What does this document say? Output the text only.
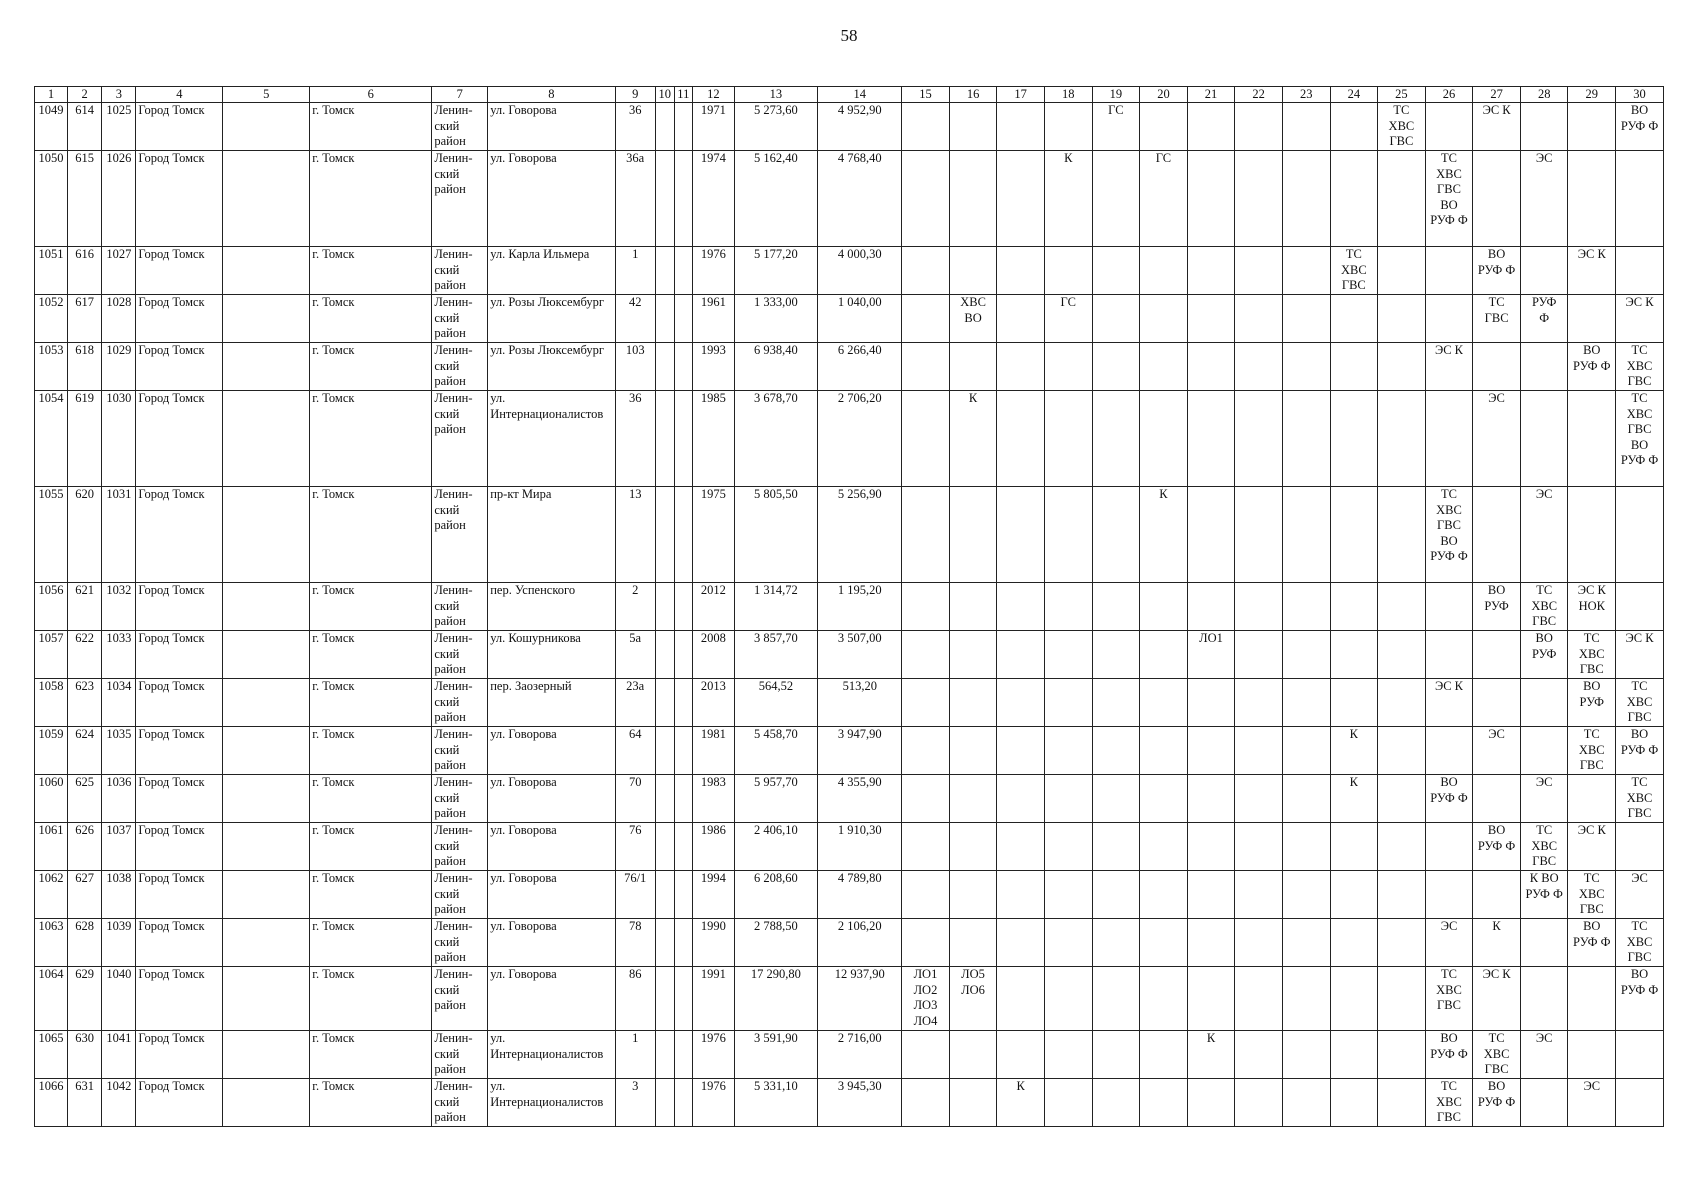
58
1	2	3	4	5	6	7	8	9	10	11	12	13	14	15	16	17	18	19	20	21	22	23	24	25	26	27	28	29	30
1049	614	1025	Город Томск		г. Томск	Ленин-
ский
район	ул. Говорова	36			1971	5 273,60	4 952,90					ГС						ТС
ХВС
ГВС		ЭС К			ВО
РУФ Ф
1050	615	1026	Город Томск		г. Томск	Ленин-
ский
район	ул. Говорова	36а			1974	5 162,40	4 768,40				К		ГС						ТС
ХВС
ГВС
ВО
РУФ Ф		ЭС		
1051	616	1027	Город Томск		г. Томск	Ленин-
ский
район	ул. Карла Ильмера	1			1976	5 177,20	4 000,30										ТС
ХВС
ГВС			ВО
РУФ Ф		ЭС К	
1052	617	1028	Город Томск		г. Томск	Ленин-
ский
район	ул. Розы Люксембург	42			1961	1 333,00	1 040,00		ХВС
ВО		ГС									ТС
ГВС	РУФ
Ф		ЭС К
1053	618	1029	Город Томск		г. Томск	Ленин-
ский
район	ул. Розы Люксембург	103			1993	6 938,40	6 266,40												ЭС К			ВО
РУФ Ф	ТС
ХВС
ГВС
1054	619	1030	Город Томск		г. Томск	Ленин-
ский
район	ул.
Интернационалистов	36			1985	3 678,70	2 706,20		К											ЭС			ТС
ХВС
ГВС
ВО
РУФ Ф
1055	620	1031	Город Томск		г. Томск	Ленин-
ский
район	пр-кт Мира	13			1975	5 805,50	5 256,90						К						ТС
ХВС
ГВС
ВО
РУФ Ф		ЭС		
1056	621	1032	Город Томск		г. Томск	Ленин-
ский
район	пер. Успенского	2			2012	1 314,72	1 195,20													ВО
РУФ	ТС
ХВС
ГВС	ЭС К
НОК	
1057	622	1033	Город Томск		г. Томск	Ленин-
ский
район	ул. Кошурникова	5а			2008	3 857,70	3 507,00							ЛО1							ВО
РУФ	ТС
ХВС
ГВС	ЭС К
1058	623	1034	Город Томск		г. Томск	Ленин-
ский
район	пер. Заозерный	23а			2013	564,52	513,20												ЭС К			ВО
РУФ	ТС
ХВС
ГВС
1059	624	1035	Город Томск		г. Томск	Ленин-
ский
район	ул. Говорова	64			1981	5 458,70	3 947,90										К			ЭС		ТС
ХВС
ГВС	ВО
РУФ Ф
1060	625	1036	Город Томск		г. Томск	Ленин-
ский
район	ул. Говорова	70			1983	5 957,70	4 355,90										К		ВО
РУФ Ф		ЭС		ТС
ХВС
ГВС
1061	626	1037	Город Томск		г. Томск	Ленин-
ский
район	ул. Говорова	76			1986	2 406,10	1 910,30													ВО
РУФ Ф	ТС
ХВС
ГВС	ЭС К	
1062	627	1038	Город Томск		г. Томск	Ленин-
ский
район	ул. Говорова	76/1			1994	6 208,60	4 789,80														К ВО
РУФ Ф	ТС
ХВС
ГВС	ЭС
1063	628	1039	Город Томск		г. Томск	Ленин-
ский
район	ул. Говорова	78			1990	2 788,50	2 106,20												ЭС	К		ВО
РУФ Ф	ТС
ХВС
ГВС
1064	629	1040	Город Томск		г. Томск	Ленин-
ский
район	ул. Говорова	86			1991	17 290,80	12 937,90	ЛО1
ЛО2
ЛО3
ЛО4	ЛО5
ЛО6										ТС
ХВС
ГВС	ЭС К			ВО
РУФ Ф
1065	630	1041	Город Томск		г. Томск	Ленин-
ский
район	ул.
Интернационалистов	1			1976	3 591,90	2 716,00							К					ВО
РУФ Ф	ТС
ХВС
ГВС	ЭС		
1066	631	1042	Город Томск		г. Томск	Ленин-
ский
район	ул.
Интернационалистов	3			1976	5 331,10	3 945,30			К									ТС
ХВС
ГВС	ВО
РУФ Ф		ЭС	
